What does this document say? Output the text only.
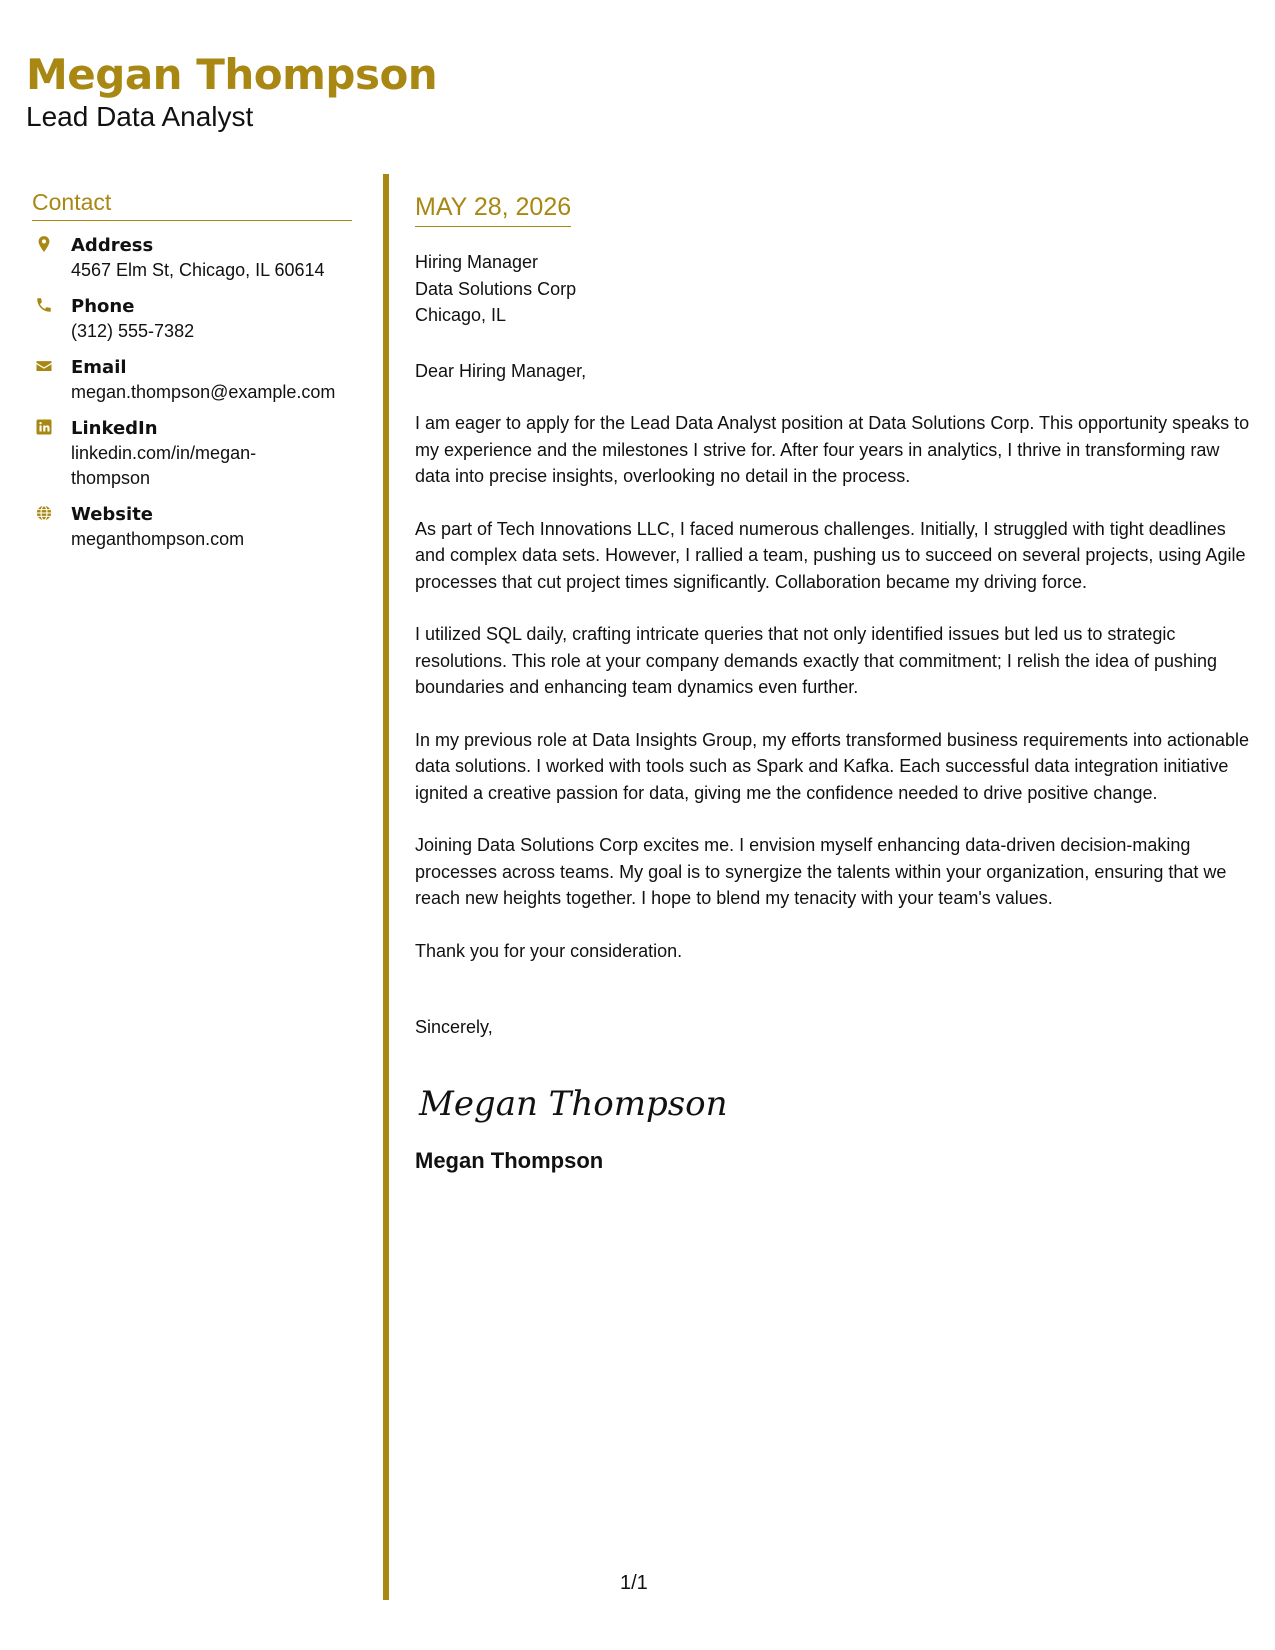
Megan Thompson
Lead Data Analyst
Contact
Address
4567 Elm St, Chicago, IL 60614
Phone
(312) 555-7382
Email
megan.thompson@example.com
LinkedIn
linkedin.com/in/megan-thompson
Website
meganthompson.com
MAY 28, 2026
Hiring Manager
Data Solutions Corp
Chicago, IL
Dear Hiring Manager,
I am eager to apply for the Lead Data Analyst position at Data Solutions Corp. This opportunity speaks to my experience and the milestones I strive for. After four years in analytics, I thrive in transforming raw data into precise insights, overlooking no detail in the process.
As part of Tech Innovations LLC, I faced numerous challenges. Initially, I struggled with tight deadlines and complex data sets. However, I rallied a team, pushing us to succeed on several projects, using Agile processes that cut project times significantly. Collaboration became my driving force.
I utilized SQL daily, crafting intricate queries that not only identified issues but led us to strategic resolutions. This role at your company demands exactly that commitment; I relish the idea of pushing boundaries and enhancing team dynamics even further.
In my previous role at Data Insights Group, my efforts transformed business requirements into actionable data solutions. I worked with tools such as Spark and Kafka. Each successful data integration initiative ignited a creative passion for data, giving me the confidence needed to drive positive change.
Joining Data Solutions Corp excites me. I envision myself enhancing data-driven decision-making processes across teams. My goal is to synergize the talents within your organization, ensuring that we reach new heights together. I hope to blend my tenacity with your team's values.
Thank you for your consideration.
Sincerely,
Megan Thompson
Megan Thompson
1/1
